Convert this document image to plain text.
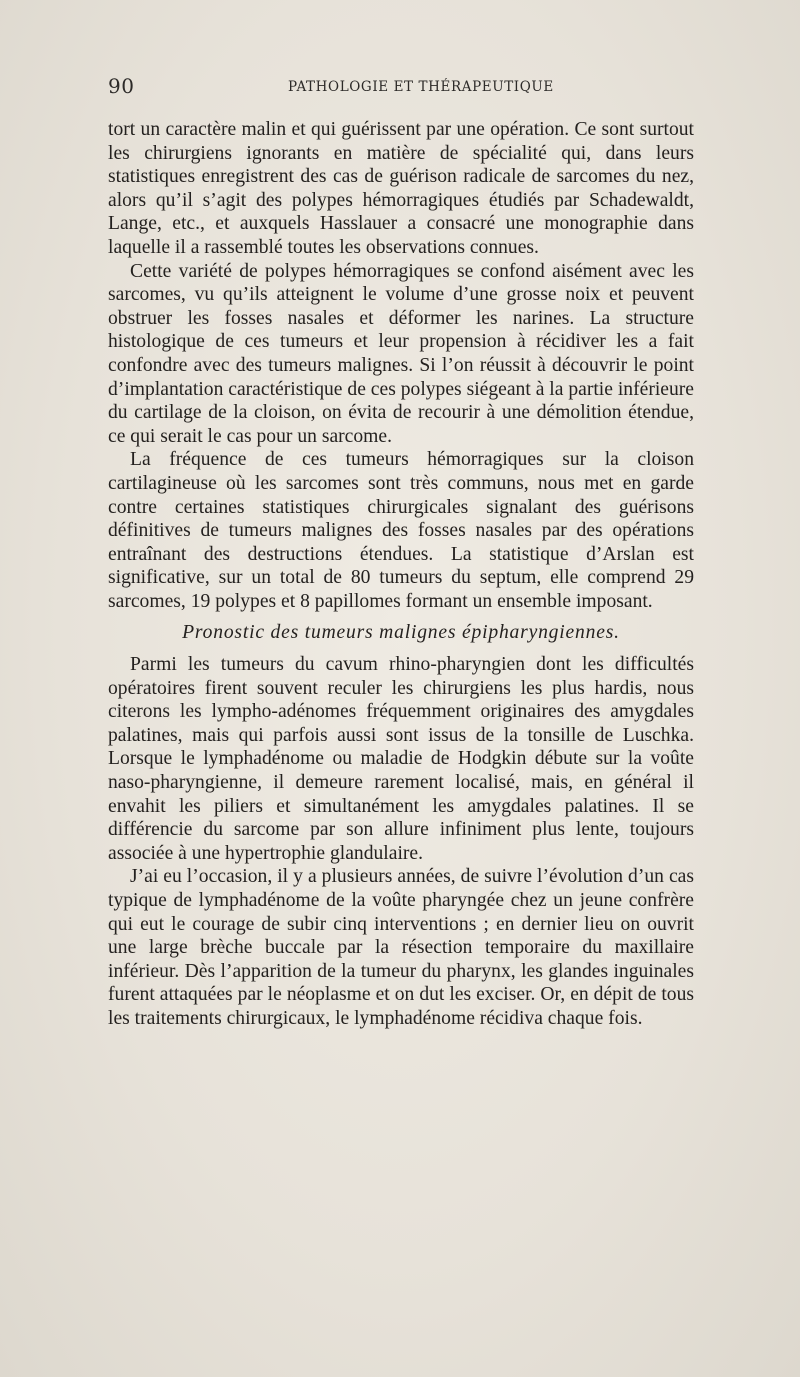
90	PATHOLOGIE ET THÉRAPEUTIQUE

tort un caractère malin et qui guérissent par une opération. Ce sont surtout les chirurgiens ignorants en matière de spécialité qui, dans leurs statistiques enregistrent des cas de guérison radicale de sarcomes du nez, alors qu’il s’agit des polypes hémorragiques étudiés par Schadewaldt, Lange, etc., et auxquels Hasslauer a consacré une monographie dans laquelle il a rassemblé toutes les observations connues.

Cette variété de polypes hémorragiques se confond aisément avec les sarcomes, vu qu’ils atteignent le volume d’une grosse noix et peuvent obstruer les fosses nasales et déformer les narines. La structure histologique de ces tumeurs et leur propension à récidiver les a fait confondre avec des tumeurs malignes. Si l’on réussit à découvrir le point d’implantation caractéristique de ces polypes siégeant à la partie inférieure du cartilage de la cloison, on évita de recourir à une démolition étendue, ce qui serait le cas pour un sarcome.

La fréquence de ces tumeurs hémorragiques sur la cloison cartilagineuse où les sarcomes sont très communs, nous met en garde contre certaines statistiques chirurgicales signalant des guérisons définitives de tumeurs malignes des fosses nasales par des opérations entraînant des destructions étendues. La statistique d’Arslan est significative, sur un total de 80 tumeurs du septum, elle comprend 29 sarcomes, 19 polypes et 8 papillomes formant un ensemble imposant.

Pronostic des tumeurs malignes épipharyngiennes.

Parmi les tumeurs du cavum rhino-pharyngien dont les difficultés opératoires firent souvent reculer les chirurgiens les plus hardis, nous citerons les lympho-adénomes fréquemment originaires des amygdales palatines, mais qui parfois aussi sont issus de la tonsille de Luschka. Lorsque le lymphadénome ou maladie de Hodgkin débute sur la voûte naso-pharyngienne, il demeure rarement localisé, mais, en général il envahit les piliers et simultanément les amygdales palatines. Il se différencie du sarcome par son allure infiniment plus lente, toujours associée à une hypertrophie glandulaire.

J’ai eu l’occasion, il y a plusieurs années, de suivre l’évolution d’un cas typique de lymphadénome de la voûte pharyngée chez un jeune confrère qui eut le courage de subir cinq interventions ; en dernier lieu on ouvrit une large brèche buccale par la résection temporaire du maxillaire inférieur. Dès l’apparition de la tumeur du pharynx, les glandes inguinales furent attaquées par le néoplasme et on dut les exciser. Or, en dépit de tous les traitements chirurgicaux, le lymphadénome récidiva chaque fois.
